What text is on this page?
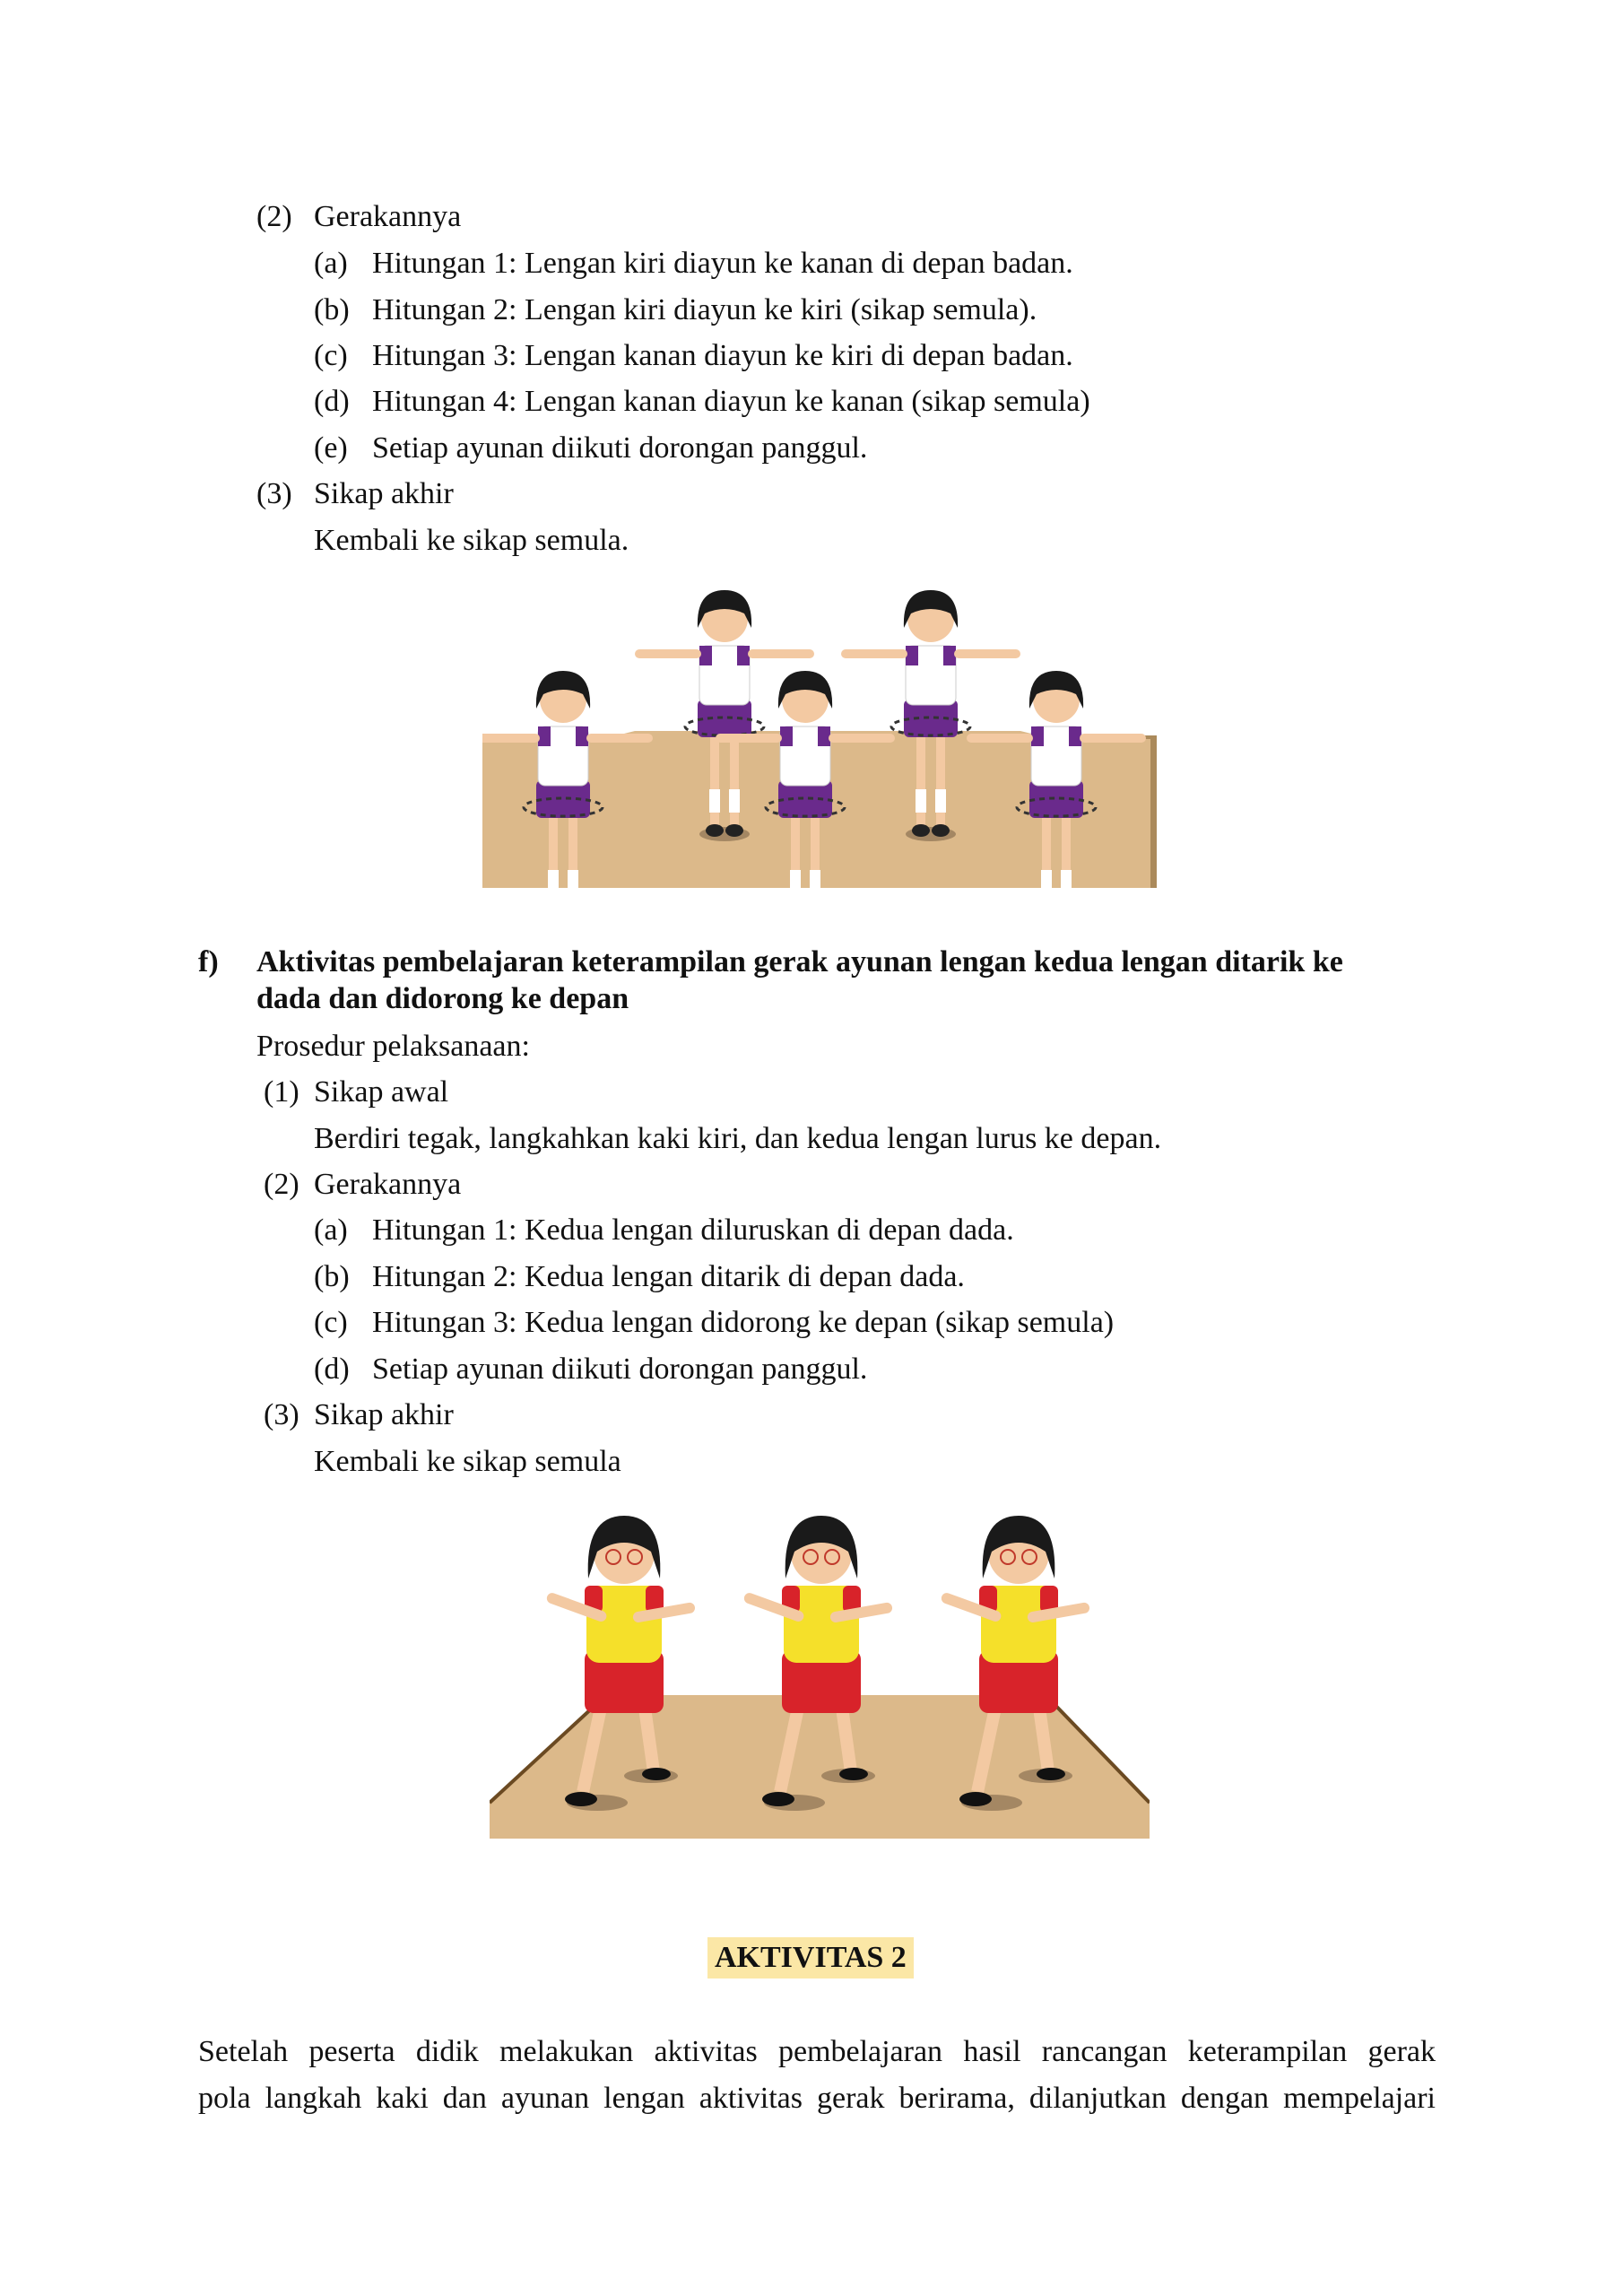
(2) Gerakannya
(a) Hitungan 1: Lengan kiri diayun ke kanan di depan badan.
(b) Hitungan 2: Lengan kiri diayun ke kiri (sikap semula).
(c) Hitungan 3: Lengan kanan diayun ke kiri di depan badan.
(d) Hitungan 4: Lengan kanan diayun ke kanan (sikap semula)
(e) Setiap ayunan diikuti dorongan panggul.
(3) Sikap akhir
Kembali ke sikap semula.
f) Aktivitas pembelajaran keterampilan gerak ayunan lengan kedua lengan ditarik ke
dada dan didorong ke depan
Prosedur pelaksanaan:
(1) Sikap awal
Berdiri tegak, langkahkan kaki kiri, dan kedua lengan lurus ke depan.
(2) Gerakannya
(a) Hitungan 1: Kedua lengan diluruskan di depan dada.
(b) Hitungan 2: Kedua lengan ditarik di depan dada.
(c) Hitungan 3: Kedua lengan didorong ke depan (sikap semula)
(d) Setiap ayunan diikuti dorongan panggul.
(3) Sikap akhir
Kembali ke sikap semula
AKTIVITAS 2
Setelah peserta didik melakukan aktivitas pembelajaran hasil rancangan keterampilan gerak
pola langkah kaki dan ayunan lengan aktivitas gerak berirama, dilanjutkan dengan mempelajari
